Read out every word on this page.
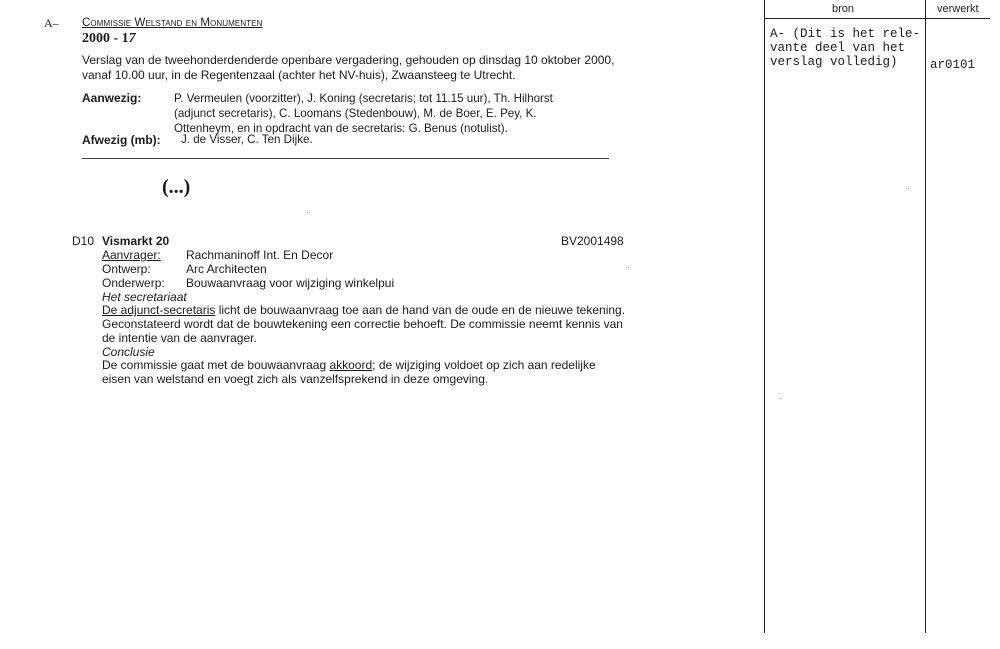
A– Commissie Welstand en Monumenten
2000 - 17
Verslag van de tweehonderdenderde openbare vergadering, gehouden op dinsdag 10 oktober 2000, vanaf 10.00 uur, in de Regentenzaal (achter het NV-huis), Zwaansteeg te Utrecht.
Aanwezig:	P. Vermeulen (voorzitter), J. Koning (secretaris; tot 11.15 uur), Th. Hilhorst (adjunct secretaris), C. Loomans (Stedenbouw), M. de Boer, E. Pey, K. Ottenheym, en in opdracht van de secretaris: G. Benus (notulist).
Afwezig (mb): J. de Visser, C. Ten Dijke.
(...)
D10 Vismarkt 20	BV2001498
Aanvrager: Rachmaninoff Int. En Decor
Ontwerp:	Arc Architecten
Onderwerp: Bouwaanvraag voor wijziging winkelpui
Het secretariaat
De adjunct-secretaris licht de bouwaanvraag toe aan de hand van de oude en de nieuwe tekening. Geconstateerd wordt dat de bouwtekening een correctie behoeft. De commissie neemt kennis van de intentie van de aanvrager.
Conclusie
De commissie gaat met de bouwaanvraag akkoord; de wijziging voldoet op zich aan redelijke eisen van welstand en voegt zich als vanzelfsprekend in deze omgeving.
bron	verwerkt
A- (Dit is het rele-
vante deel van het
verslag volledig)	ar0101
